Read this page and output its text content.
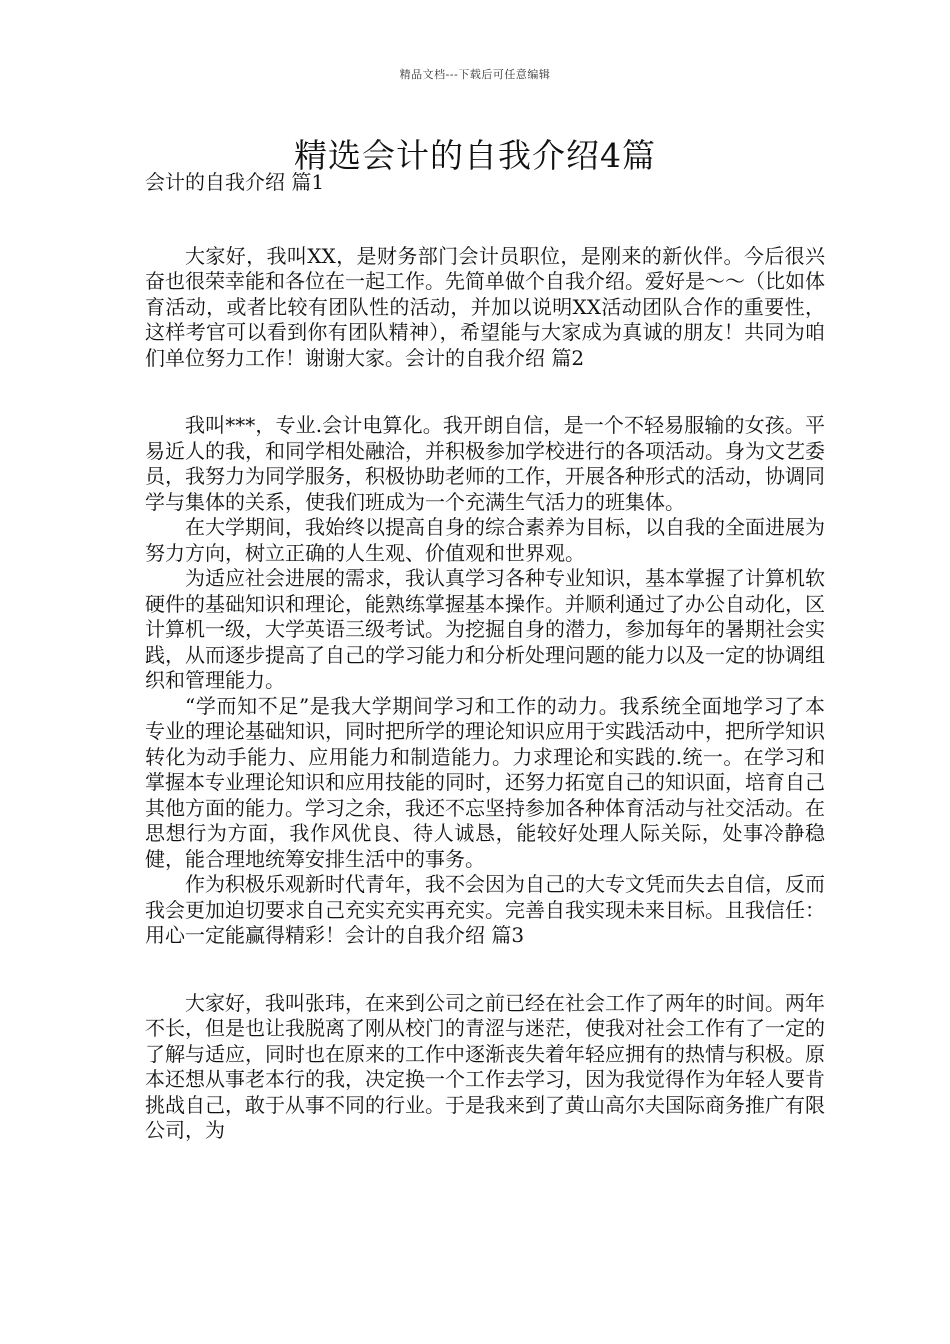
精品文档---下载后可任意编辑
精选会计的自我介绍4篇

会计的自我介绍 篇1

大家好，我叫XX，是财务部门会计员职位，是刚来的新伙伴。今后很兴奋也很荣幸能和各位在一起工作。先简单做个自我介绍。爱好是～～（比如体育活动，或者比较有团队性的活动，并加以说明XX活动团队合作的重要性，这样考官可以看到你有团队精神），希望能与大家成为真诚的朋友！共同为咱们单位努力工作！谢谢大家。会计的自我介绍 篇2

我叫***，专业.会计电算化。我开朗自信，是一个不轻易服输的女孩。平易近人的我，和同学相处融洽，并积极参加学校进行的各项活动。身为文艺委员，我努力为同学服务，积极协助老师的工作，开展各种形式的活动，协调同学与集体的关系，使我们班成为一个充满生气活力的班集体。

在大学期间，我始终以提高自身的综合素养为目标，以自我的全面进展为努力方向，树立正确的人生观、价值观和世界观。

为适应社会进展的需求，我认真学习各种专业知识，基本掌握了计算机软硬件的基础知识和理论，能熟练掌握基本操作。并顺利通过了办公自动化，区计算机一级，大学英语三级考试。为挖掘自身的潜力，参加每年的暑期社会实践，从而逐步提高了自己的学习能力和分析处理问题的能力以及一定的协调组织和管理能力。

“学而知不足”是我大学期间学习和工作的动力。我系统全面地学习了本专业的理论基础知识，同时把所学的理论知识应用于实践活动中，把所学知识转化为动手能力、应用能力和制造能力。力求理论和实践的.统一。在学习和掌握本专业理论知识和应用技能的同时，还努力拓宽自己的知识面，培育自己其他方面的能力。学习之余，我还不忘坚持参加各种体育活动与社交活动。在思想行为方面，我作风优良、待人诚恳，能较好处理人际关际，处事冷静稳健，能合理地统筹安排生活中的事务。

作为积极乐观新时代青年，我不会因为自己的大专文凭而失去自信，反而我会更加迫切要求自己充实充实再充实。完善自我实现未来目标。且我信任：用心一定能赢得精彩！会计的自我介绍 篇3

大家好，我叫张玮，在来到公司之前已经在社会工作了两年的时间。两年不长，但是也让我脱离了刚从校门的青涩与迷茫，使我对社会工作有了一定的了解与适应，同时也在原来的工作中逐渐丧失着年轻应拥有的热情与积极。原本还想从事老本行的我，决定换一个工作去学习，因为我觉得作为年轻人要肯挑战自己，敢于从事不同的行业。于是我来到了黄山高尔夫国际商务推广有限公司，为
